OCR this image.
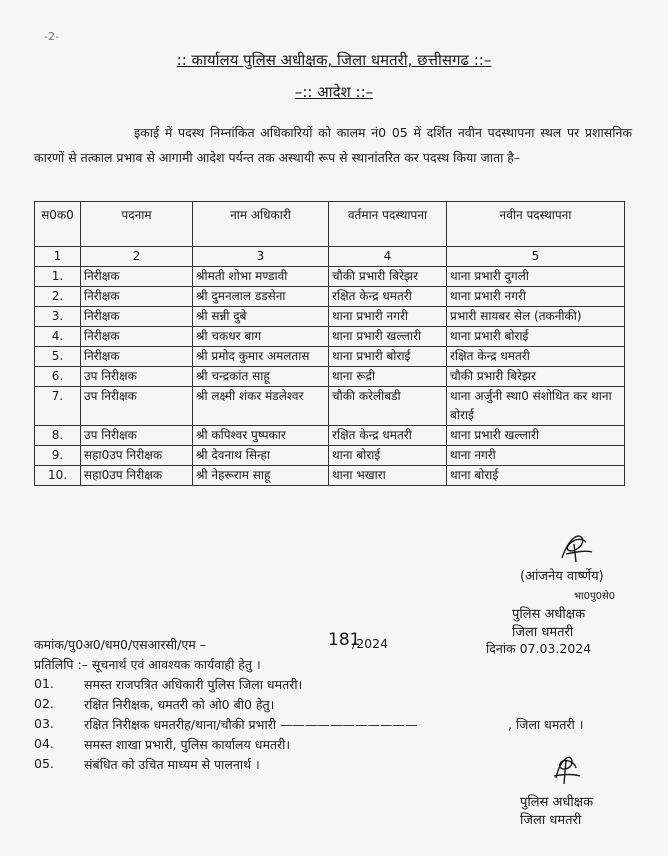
-2-
:: कार्यालय पुलिस अधीक्षक, जिला धमतरी, छत्तीसगढ ::–
–:: आदेश ::–
इकाई में पदस्थ निम्नांकित अधिकारियों को कालम नं0 05 में दर्शित नवीन पदस्थापना स्थल पर प्रशासनिक कारणों से तत्काल प्रभाव से आगामी आदेश पर्यन्त तक अस्थायी रूप से स्थानांतरित कर पदस्थ किया जाता है–
स0क0	पदनाम	नाम अधिकारी	वर्तमान पदस्थापना	नवीन पदस्थापना
1	2	3	4	5
1.	निरीक्षक	श्रीमती शोभा मण्डावी	चौकी प्रभारी बिरेझर	थाना प्रभारी दुगली
2.	निरीक्षक	श्री दुमनलाल डडसेना	रक्षित केन्द्र धमतरी	थाना प्रभारी नगरी
3.	निरीक्षक	श्री सन्नी दुबे	थाना प्रभारी नगरी	प्रभारी सायबर सेल (तकनीकी)
4.	निरीक्षक	श्री चकधर बाग	थाना प्रभारी खल्लारी	थाना प्रभारी बोराई
5.	निरीक्षक	श्री प्रमोद कुमार अमलतास	थाना प्रभारी बोराई	रक्षित केन्द्र धमतरी
6.	उप निरीक्षक	श्री चन्द्रकांत साहू	थाना रूद्री	चौकी प्रभारी बिरेझर
7.	उप निरीक्षक	श्री लक्ष्मी शंकर मंडलेश्वर	चौकी करेलीबडी	थाना अर्जुनी स्था0 संशोधित कर थाना बोराई
8.	उप निरीक्षक	श्री कपिश्वर पुष्पकार	रक्षित केन्द्र धमतरी	थाना प्रभारी खल्लारी
9.	सहा0उप निरीक्षक	श्री देवनाथ सिन्हा	थाना बोराई	थाना नगरी
10.	सहा0उप निरीक्षक	श्री नेहरूराम साहू	थाना भखारा	थाना बोराई
(आंजनेय वार्ष्णेय)
भा0पु0से0
पुलिस अधीक्षक
जिला धमतरी
कमांक/पु0अ0/धम0/एसआरसी/एम –	181
/2024	दिनांक 07.03.2024
प्रतिलिपि :– सूचनार्थ एवं आवश्यक कार्यवाही हेतु ।
01. समस्त राजपत्रित अधिकारी पुलिस जिला धमतरी।
02. रक्षित निरीक्षक, धमतरी को ओ0 बी0 हेतु।
03. रक्षित निरीक्षक धमतरीह/थाना/चौकी प्रभारी ———————————	, जिला धमतरी ।
04. समस्त शाखा प्रभारी, पुलिस कार्यालय धमतरी।
05. संबंधित को उचित माध्यम से पालनार्थ ।
पुलिस अधीक्षक
जिला धमतरी
